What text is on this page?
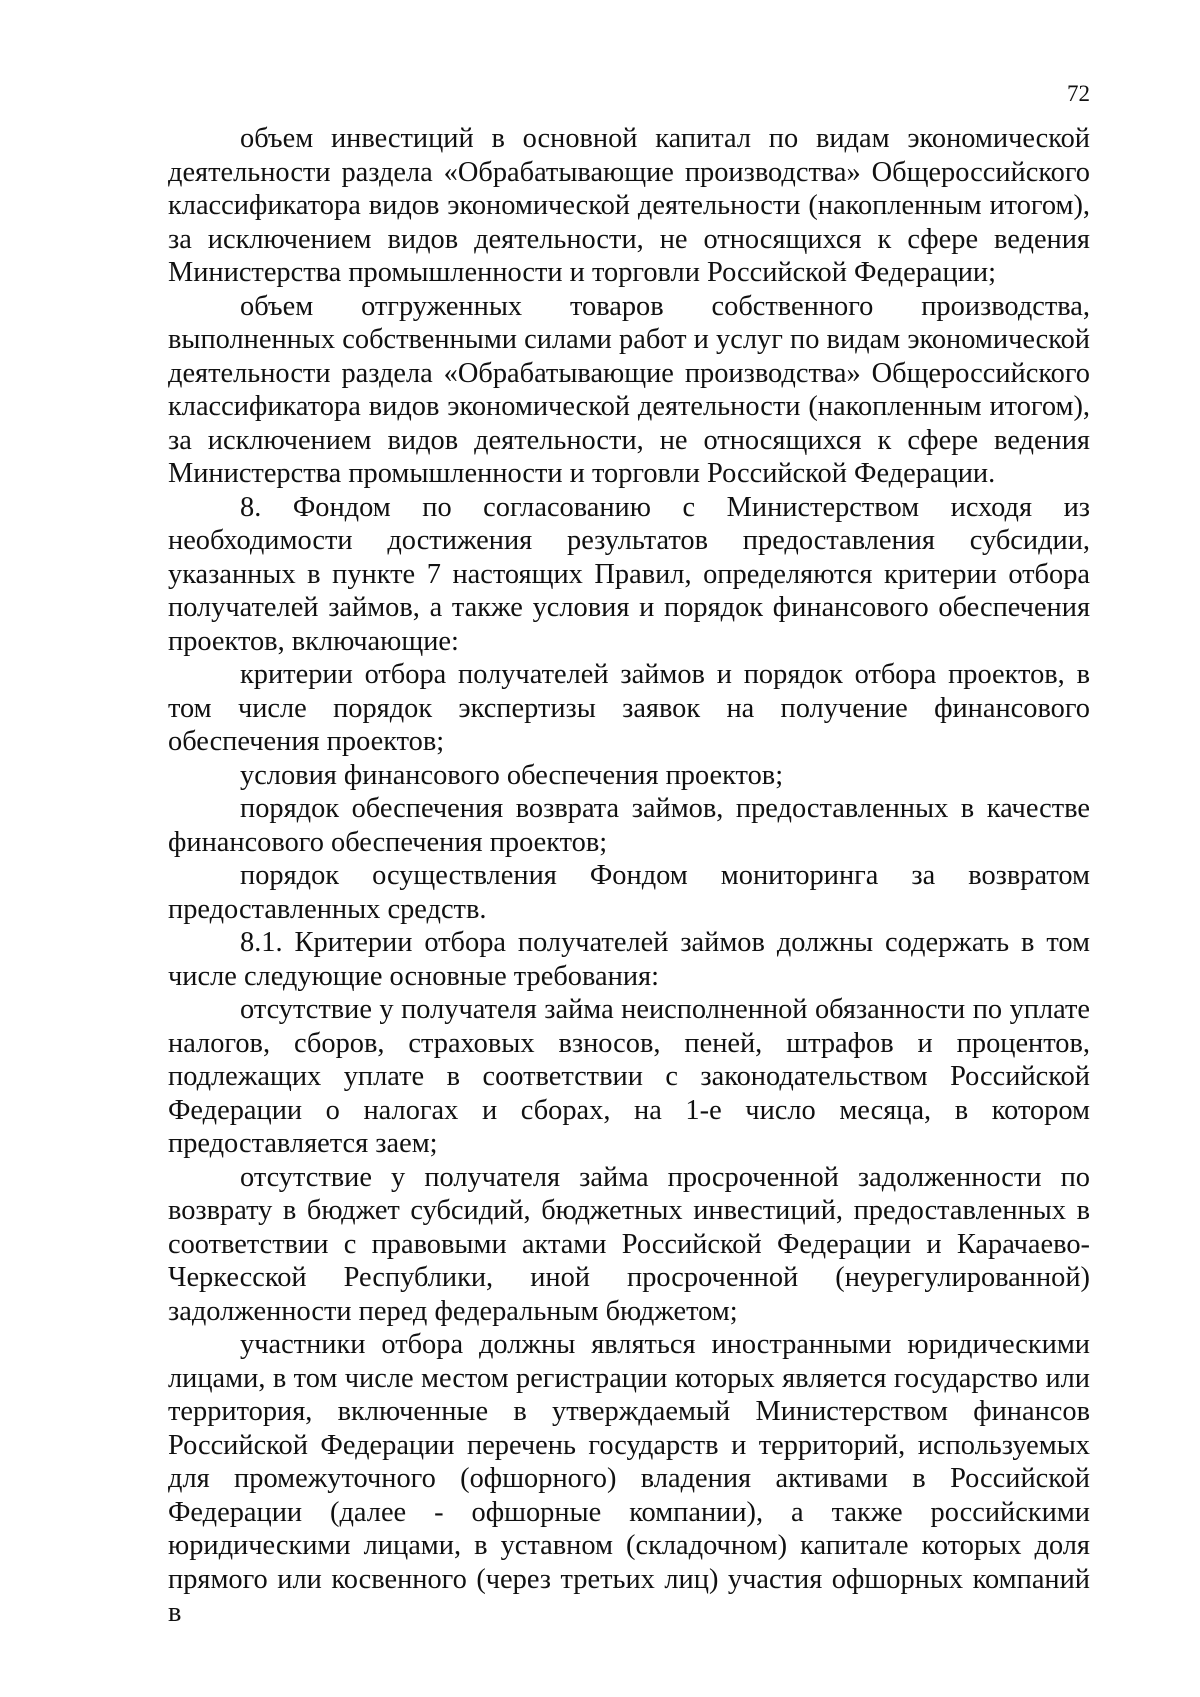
72

объем инвестиций в основной капитал по видам экономической деятельности раздела «Обрабатывающие производства» Общероссийского классификатора видов экономической деятельности (накопленным итогом), за исключением видов деятельности, не относящихся к сфере ведения Министерства промышленности и торговли Российской Федерации;

объем отгруженных товаров собственного производства, выполненных собственными силами работ и услуг по видам экономической деятельности раздела «Обрабатывающие производства» Общероссийского классификатора видов экономической деятельности (накопленным итогом), за исключением видов деятельности, не относящихся к сфере ведения Министерства промышленности и торговли Российской Федерации.

8. Фондом по согласованию с Министерством исходя из необходимости достижения результатов предоставления субсидии, указанных в пункте 7 настоящих Правил, определяются критерии отбора получателей займов, а также условия и порядок финансового обеспечения проектов, включающие:

критерии отбора получателей займов и порядок отбора проектов, в том числе порядок экспертизы заявок на получение финансового обеспечения проектов;

условия финансового обеспечения проектов;

порядок обеспечения возврата займов, предоставленных в качестве финансового обеспечения проектов;

порядок осуществления Фондом мониторинга за возвратом предоставленных средств.

8.1. Критерии отбора получателей займов должны содержать в том числе следующие основные требования:

отсутствие у получателя займа неисполненной обязанности по уплате налогов, сборов, страховых взносов, пеней, штрафов и процентов, подлежащих уплате в соответствии с законодательством Российской Федерации о налогах и сборах, на 1-е число месяца, в котором предоставляется заем;

отсутствие у получателя займа просроченной задолженности по возврату в бюджет субсидий, бюджетных инвестиций, предоставленных в соответствии с правовыми актами Российской Федерации и Карачаево-Черкесской Республики, иной просроченной (неурегулированной) задолженности перед федеральным бюджетом;

участники отбора должны являться иностранными юридическими лицами, в том числе местом регистрации которых является государство или территория, включенные в утверждаемый Министерством финансов Российской Федерации перечень государств и территорий, используемых для промежуточного (офшорного) владения активами в Российской Федерации (далее - офшорные компании), а также российскими юридическими лицами, в уставном (складочном) капитале которых доля прямого или косвенного (через третьих лиц) участия офшорных компаний в
